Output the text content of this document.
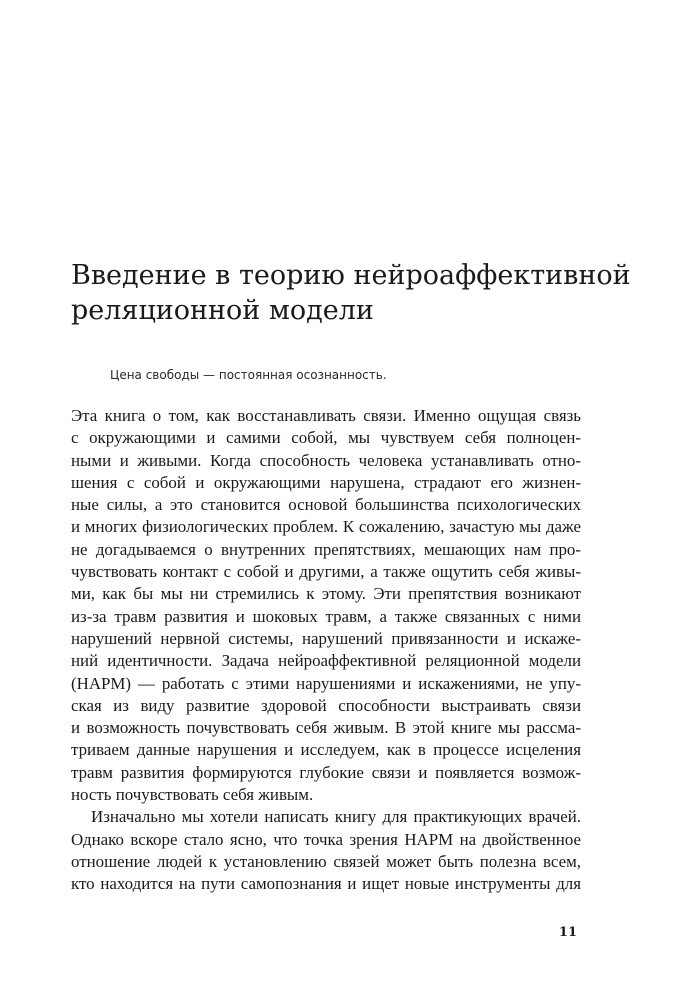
Введение в теорию нейроаффективной
реляционной модели

Цена свободы — постоянная осознанность.

Эта книга о том, как восстанавливать связи. Именно ощущая связь
с окружающими и самими собой, мы чувствуем себя полноцен-
ными и живыми. Когда способность человека устанавливать отно-
шения с собой и окружающими нарушена, страдают его жизнен-
ные силы, а это становится основой большинства психологических
и многих физиологических проблем. К сожалению, зачастую мы даже
не догадываемся о внутренних препятствиях, мешающих нам про-
чувствовать контакт с собой и другими, а также ощутить себя живы-
ми, как бы мы ни стремились к этому. Эти препятствия возникают
из-за травм развития и шоковых травм, а также связанных с ними
нарушений нервной системы, нарушений привязанности и искаже-
ний идентичности. Задача нейроаффективной реляционной модели
(НАРМ) — работать с этими нарушениями и искажениями, не упу-
ская из виду развитие здоровой способности выстраивать связи
и возможность почувствовать себя живым. В этой книге мы рассма-
триваем данные нарушения и исследуем, как в процессе исцеления
травм развития формируются глубокие связи и появляется возмож-
ность почувствовать себя живым.
Изначально мы хотели написать книгу для практикующих врачей.
Однако вскоре стало ясно, что точка зрения НАРМ на двойственное
отношение людей к установлению связей может быть полезна всем,
кто находится на пути самопознания и ищет новые инструменты для

11
